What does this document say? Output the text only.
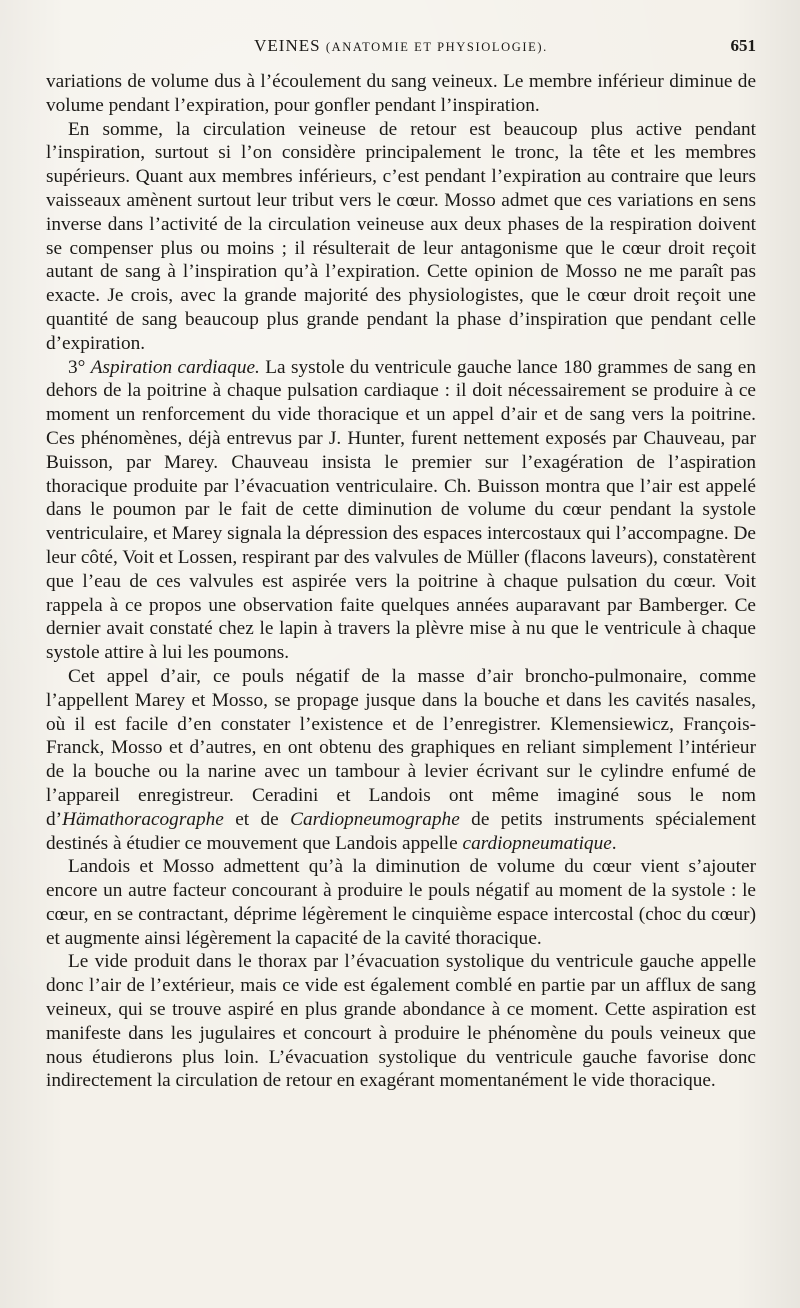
VEINES (ANATOMIE ET PHYSIOLOGIE).	651

variations de volume dus à l’écoulement du sang veineux. Le membre inférieur diminue de volume pendant l’expiration, pour gonfler pendant l’inspiration.

En somme, la circulation veineuse de retour est beaucoup plus active pendant l’inspiration, surtout si l’on considère principalement le tronc, la tête et les membres supérieurs. Quant aux membres inférieurs, c’est pendant l’expiration au contraire que leurs vaisseaux amènent surtout leur tribut vers le cœur. Mosso admet que ces variations en sens inverse dans l’activité de la circulation veineuse aux deux phases de la respiration doivent se compenser plus ou moins ; il résulterait de leur antagonisme que le cœur droit reçoit autant de sang à l’inspiration qu’à l’expiration. Cette opinion de Mosso ne me paraît pas exacte. Je crois, avec la grande majorité des physiologistes, que le cœur droit reçoit une quantité de sang beaucoup plus grande pendant la phase d’inspiration que pendant celle d’expiration.

3° Aspiration cardiaque. La systole du ventricule gauche lance 180 grammes de sang en dehors de la poitrine à chaque pulsation cardiaque : il doit nécessairement se produire à ce moment un renforcement du vide thoracique et un appel d’air et de sang vers la poitrine. Ces phénomènes, déjà entrevus par J. Hunter, furent nettement exposés par Chauveau, par Buisson, par Marey. Chauveau insista le premier sur l’exagération de l’aspiration thoracique produite par l’évacuation ventriculaire. Ch. Buisson montra que l’air est appelé dans le poumon par le fait de cette diminution de volume du cœur pendant la systole ventriculaire, et Marey signala la dépression des espaces intercostaux qui l’accompagne. De leur côté, Voit et Lossen, respirant par des valvules de Müller (flacons laveurs), constatèrent que l’eau de ces valvules est aspirée vers la poitrine à chaque pulsation du cœur. Voit rappela à ce propos une observation faite quelques années auparavant par Bamberger. Ce dernier avait constaté chez le lapin à travers la plèvre mise à nu que le ventricule à chaque systole attire à lui les poumons.

Cet appel d’air, ce pouls négatif de la masse d’air broncho-pulmonaire, comme l’appellent Marey et Mosso, se propage jusque dans la bouche et dans les cavités nasales, où il est facile d’en constater l’existence et de l’enregistrer. Klemensiewicz, François-Franck, Mosso et d’autres, en ont obtenu des graphiques en reliant simplement l’intérieur de la bouche ou la narine avec un tambour à levier écrivant sur le cylindre enfumé de l’appareil enregistreur. Ceradini et Landois ont même imaginé sous le nom d’Hämathoracographe et de Cardiopneumographe de petits instruments spécialement destinés à étudier ce mouvement que Landois appelle cardiopneumatique.

Landois et Mosso admettent qu’à la diminution de volume du cœur vient s’ajouter encore un autre facteur concourant à produire le pouls négatif au moment de la systole : le cœur, en se contractant, déprime légèrement le cinquième espace intercostal (choc du cœur) et augmente ainsi légèrement la capacité de la cavité thoracique.

Le vide produit dans le thorax par l’évacuation systolique du ventricule gauche appelle donc l’air de l’extérieur, mais ce vide est également comblé en partie par un afflux de sang veineux, qui se trouve aspiré en plus grande abondance à ce moment. Cette aspiration est manifeste dans les jugulaires et concourt à produire le phénomène du pouls veineux que nous étudierons plus loin. L’évacuation systolique du ventricule gauche favorise donc indirectement la circulation de retour en exagérant momentanément le vide thoracique.
